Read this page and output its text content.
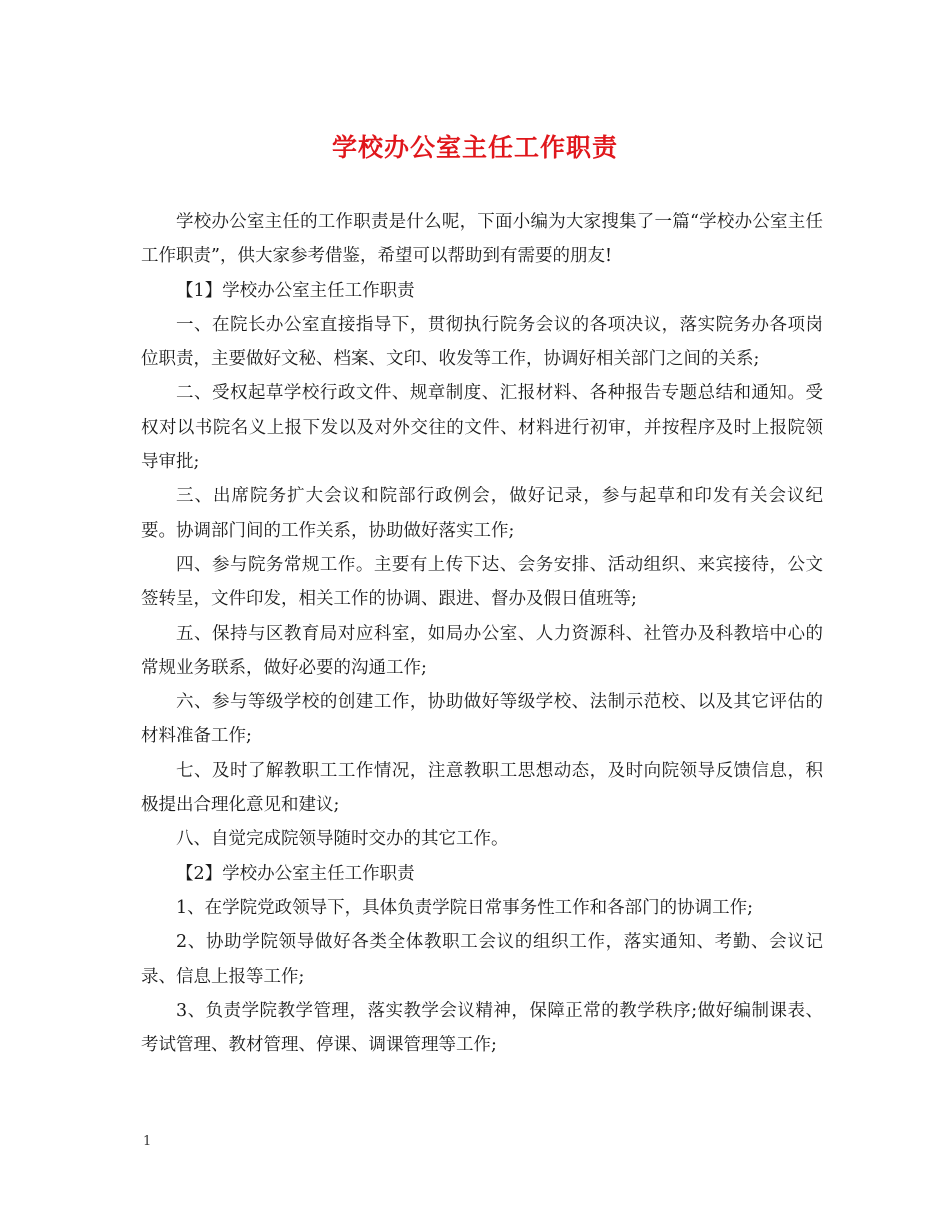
学校办公室主任工作职责

学校办公室主任的工作职责是什么呢，下面小编为大家搜集了一篇“学校办公室主任工作职责”，供大家参考借鉴，希望可以帮助到有需要的朋友!

【1】学校办公室主任工作职责

一、在院长办公室直接指导下，贯彻执行院务会议的各项决议，落实院务办各项岗位职责，主要做好文秘、档案、文印、收发等工作，协调好相关部门之间的关系;

二、受权起草学校行政文件、规章制度、汇报材料、各种报告专题总结和通知。受权对以书院名义上报下发以及对外交往的文件、材料进行初审，并按程序及时上报院领导审批;

三、出席院务扩大会议和院部行政例会，做好记录，参与起草和印发有关会议纪要。协调部门间的工作关系，协助做好落实工作;

四、参与院务常规工作。主要有上传下达、会务安排、活动组织、来宾接待，公文签转呈，文件印发，相关工作的协调、跟进、督办及假日值班等;

五、保持与区教育局对应科室，如局办公室、人力资源科、社管办及科教培中心的常规业务联系，做好必要的沟通工作;

六、参与等级学校的创建工作，协助做好等级学校、法制示范校、以及其它评估的材料准备工作;

七、及时了解教职工工作情况，注意教职工思想动态，及时向院领导反馈信息，积极提出合理化意见和建议;

八、自觉完成院领导随时交办的其它工作。

【2】学校办公室主任工作职责

1、在学院党政领导下，具体负责学院日常事务性工作和各部门的协调工作;

2、协助学院领导做好各类全体教职工会议的组织工作，落实通知、考勤、会议记录、信息上报等工作;

3、负责学院教学管理，落实教学会议精神，保障正常的教学秩序;做好编制课表、考试管理、教材管理、停课、调课管理等工作;

1
